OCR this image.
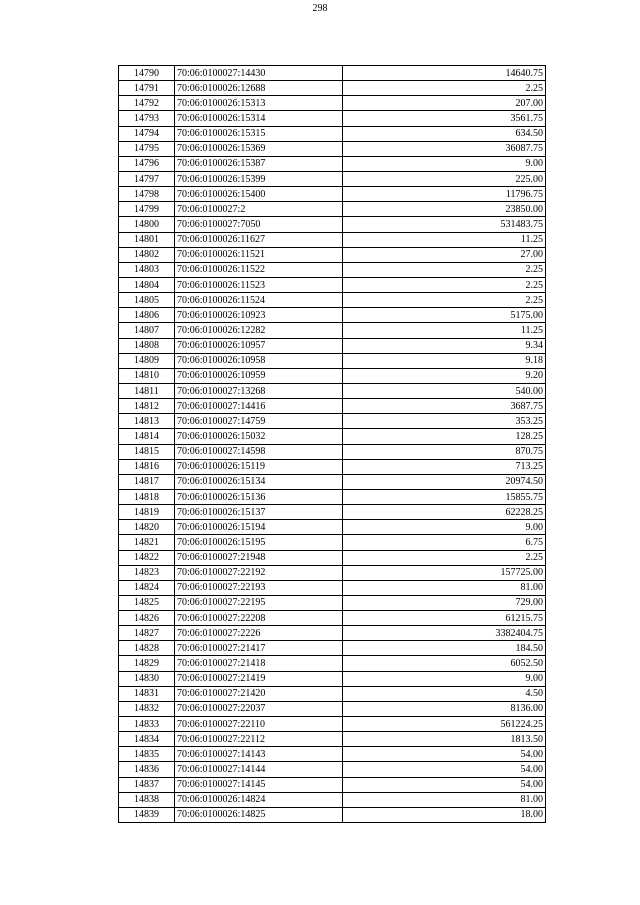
298
14790	70:06:0100027:14430	14640.75
14791	70:06:0100026:12688	2.25
14792	70:06:0100026:15313	207.00
14793	70:06:0100026:15314	3561.75
14794	70:06:0100026:15315	634.50
14795	70:06:0100026:15369	36087.75
14796	70:06:0100026:15387	9.00
14797	70:06:0100026:15399	225.00
14798	70:06:0100026:15400	11796.75
14799	70:06:0100027:2	23850.00
14800	70:06:0100027:7050	531483.75
14801	70:06:0100026:11627	11.25
14802	70:06:0100026:11521	27.00
14803	70:06:0100026:11522	2.25
14804	70:06:0100026:11523	2.25
14805	70:06:0100026:11524	2.25
14806	70:06:0100026:10923	5175.00
14807	70:06:0100026:12282	11.25
14808	70:06:0100026:10957	9.34
14809	70:06:0100026:10958	9.18
14810	70:06:0100026:10959	9.20
14811	70:06:0100027:13268	540.00
14812	70:06:0100027:14416	3687.75
14813	70:06:0100027:14759	353.25
14814	70:06:0100026:15032	128.25
14815	70:06:0100027:14598	870.75
14816	70:06:0100026:15119	713.25
14817	70:06:0100026:15134	20974.50
14818	70:06:0100026:15136	15855.75
14819	70:06:0100026:15137	62228.25
14820	70:06:0100026:15194	9.00
14821	70:06:0100026:15195	6.75
14822	70:06:0100027:21948	2.25
14823	70:06:0100027:22192	157725.00
14824	70:06:0100027:22193	81.00
14825	70:06:0100027:22195	729.00
14826	70:06:0100027:22208	61215.75
14827	70:06:0100027:2226	3382404.75
14828	70:06:0100027:21417	184.50
14829	70:06:0100027:21418	6052.50
14830	70:06:0100027:21419	9.00
14831	70:06:0100027:21420	4.50
14832	70:06:0100027:22037	8136.00
14833	70:06:0100027:22110	561224.25
14834	70:06:0100027:22112	1813.50
14835	70:06:0100027:14143	54.00
14836	70:06:0100027:14144	54.00
14837	70:06:0100027:14145	54.00
14838	70:06:0100026:14824	81.00
14839	70:06:0100026:14825	18.00
